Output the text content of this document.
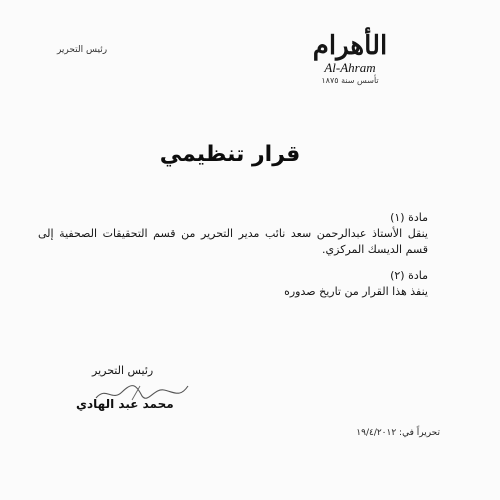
الأهرام
Al-Ahram
تأسس سنة ١٨٧٥
رئيس التحرير
قرار تنظيمي
مادة (١)
ينقل الأستاذ عبدالرحمن سعد نائب مدير التحرير من قسم التحقيقات الصحفية إلى قسم الديسك المركزي.
مادة (٢)
ينفذ هذا القرار من تاريخ صدوره
رئيس التحرير
محمد عبد الهادي
تحريراً في: ١٩/٤/٢٠١٢
